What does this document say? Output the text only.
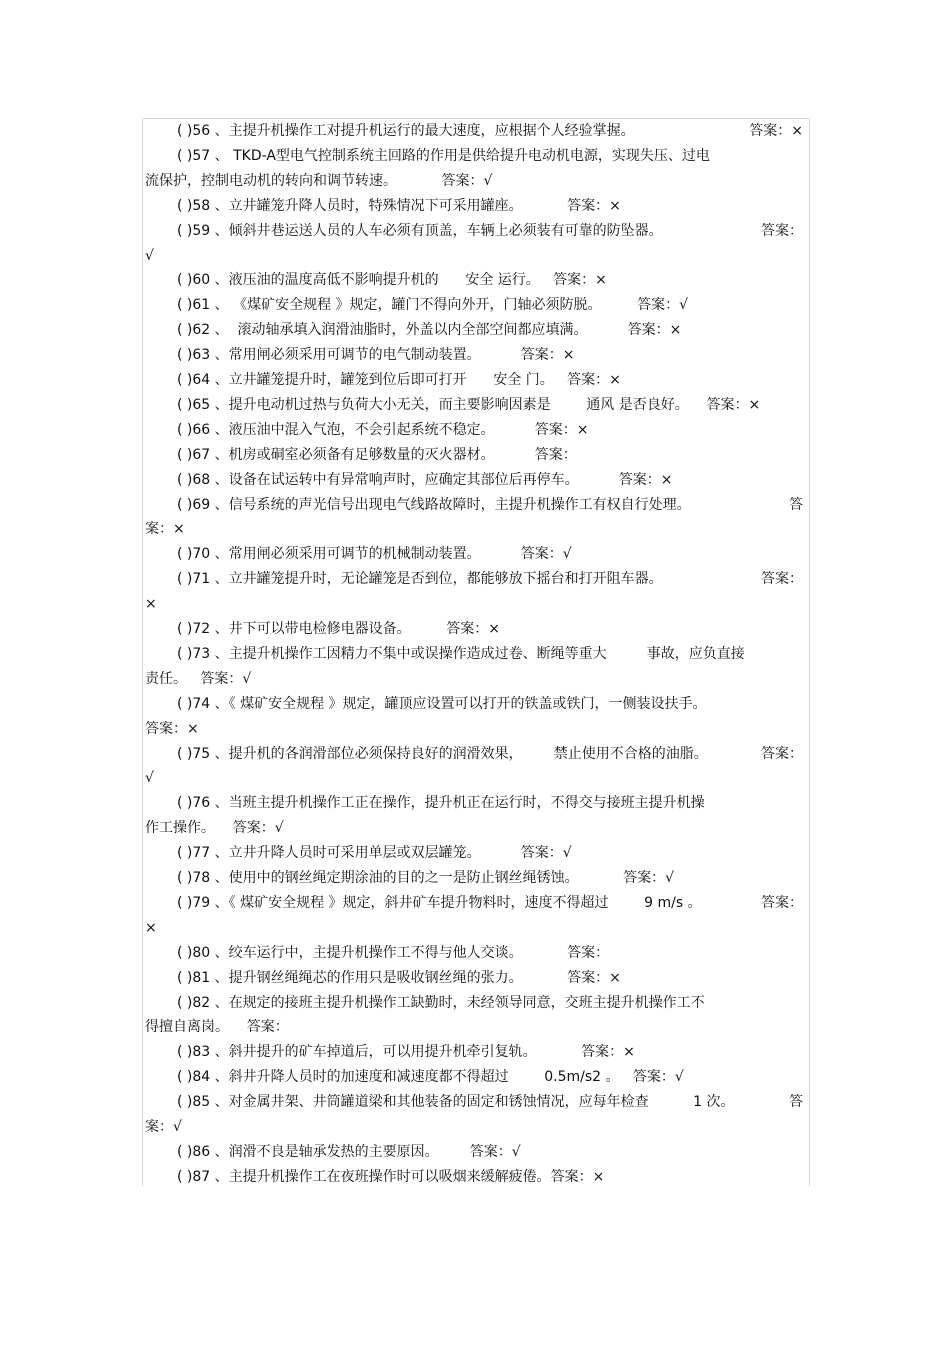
( )56 、主提升机操作工对提升机运行的最大速度，应根据个人经验掌握。	答案：×
( )57 、 TKD-A型电气控制系统主回路的作用是供给提升电动机电源，实现失压、过电
流保护，控制电动机的转向和调节转速。          答案：√
( )58 、立井罐笼升降人员时，特殊情况下可采用罐座。          答案：×
( )59 、倾斜井巷运送人员的人车必须有顶盖，车辆上必须装有可靠的防坠器。	答案：
√
( )60 、液压油的温度高低不影响提升机的      安全 运行。   答案：×
( )61 、 《煤矿安全规程 》规定，罐门不得向外开，门轴必须防脱。        答案：√
( )62 、  滚动轴承填入润滑油脂时，外盖以内全部空间都应填满。         答案：×
( )63 、常用闸必须采用可调节的电气制动装置。         答案：×
( )64 、立井罐笼提升时，罐笼到位后即可打开      安全 门。   答案：×
( )65 、提升电动机过热与负荷大小无关，而主要影响因素是        通风 是否良好。    答案：×
( )66 、液压油中混入气泡，不会引起系统不稳定。         答案：×
( )67 、机房或硐室必须备有足够数量的灭火器材。         答案：
( )68 、设备在试运转中有异常响声时，应确定其部位后再停车。         答案：×
( )69 、信号系统的声光信号出现电气线路故障时，主提升机操作工有权自行处理。	答
案：×
( )70 、常用闸必须采用可调节的机械制动装置。         答案：√
( )71 、立井罐笼提升时，无论罐笼是否到位，都能够放下摇台和打开阻车器。	答案：
×
( )72 、井下可以带电检修电器设备。        答案：×
( )73 、主提升机操作工因精力不集中或误操作造成过卷、断绳等重大         事故，应负直接
责任。   答案：√
( )74 、《 煤矿安全规程 》规定，罐顶应设置可以打开的铁盖或铁门，一侧装设扶手。
答案：×
( )75 、提升机的各润滑部位必须保持良好的润滑效果，       禁止使用不合格的油脂。	答案：
√
( )76 、当班主提升机操作工正在操作，提升机正在运行时，不得交与接班主提升机操
作工操作。    答案：√
( )77 、立井升降人员时可采用单层或双层罐笼。         答案：√
( )78 、使用中的钢丝绳定期涂油的目的之一是防止钢丝绳锈蚀。          答案：√
( )79 、《 煤矿安全规程 》规定，斜井矿车提升物料时，速度不得超过        9 m/s 。	答案：
×
( )80 、绞车运行中，主提升机操作工不得与他人交谈。          答案：
( )81 、提升钢丝绳绳芯的作用只是吸收钢丝绳的张力。          答案：×
( )82 、在规定的接班主提升机操作工缺勤时，未经领导同意，交班主提升机操作工不
得擅自离岗。    答案：
( )83 、斜井提升的矿车掉道后，可以用提升机牵引复轨。          答案：×
( )84 、斜井升降人员时的加速度和减速度都不得超过        0.5m/s2 。   答案：√
( )85 、对金属井架、井筒罐道梁和其他装备的固定和锈蚀情况，应每年检查          1 次。	答
案：√
( )86 、润滑不良是轴承发热的主要原因。       答案：√
( )87 、主提升机操作工在夜班操作时可以吸烟来缓解疲倦。答案：×
